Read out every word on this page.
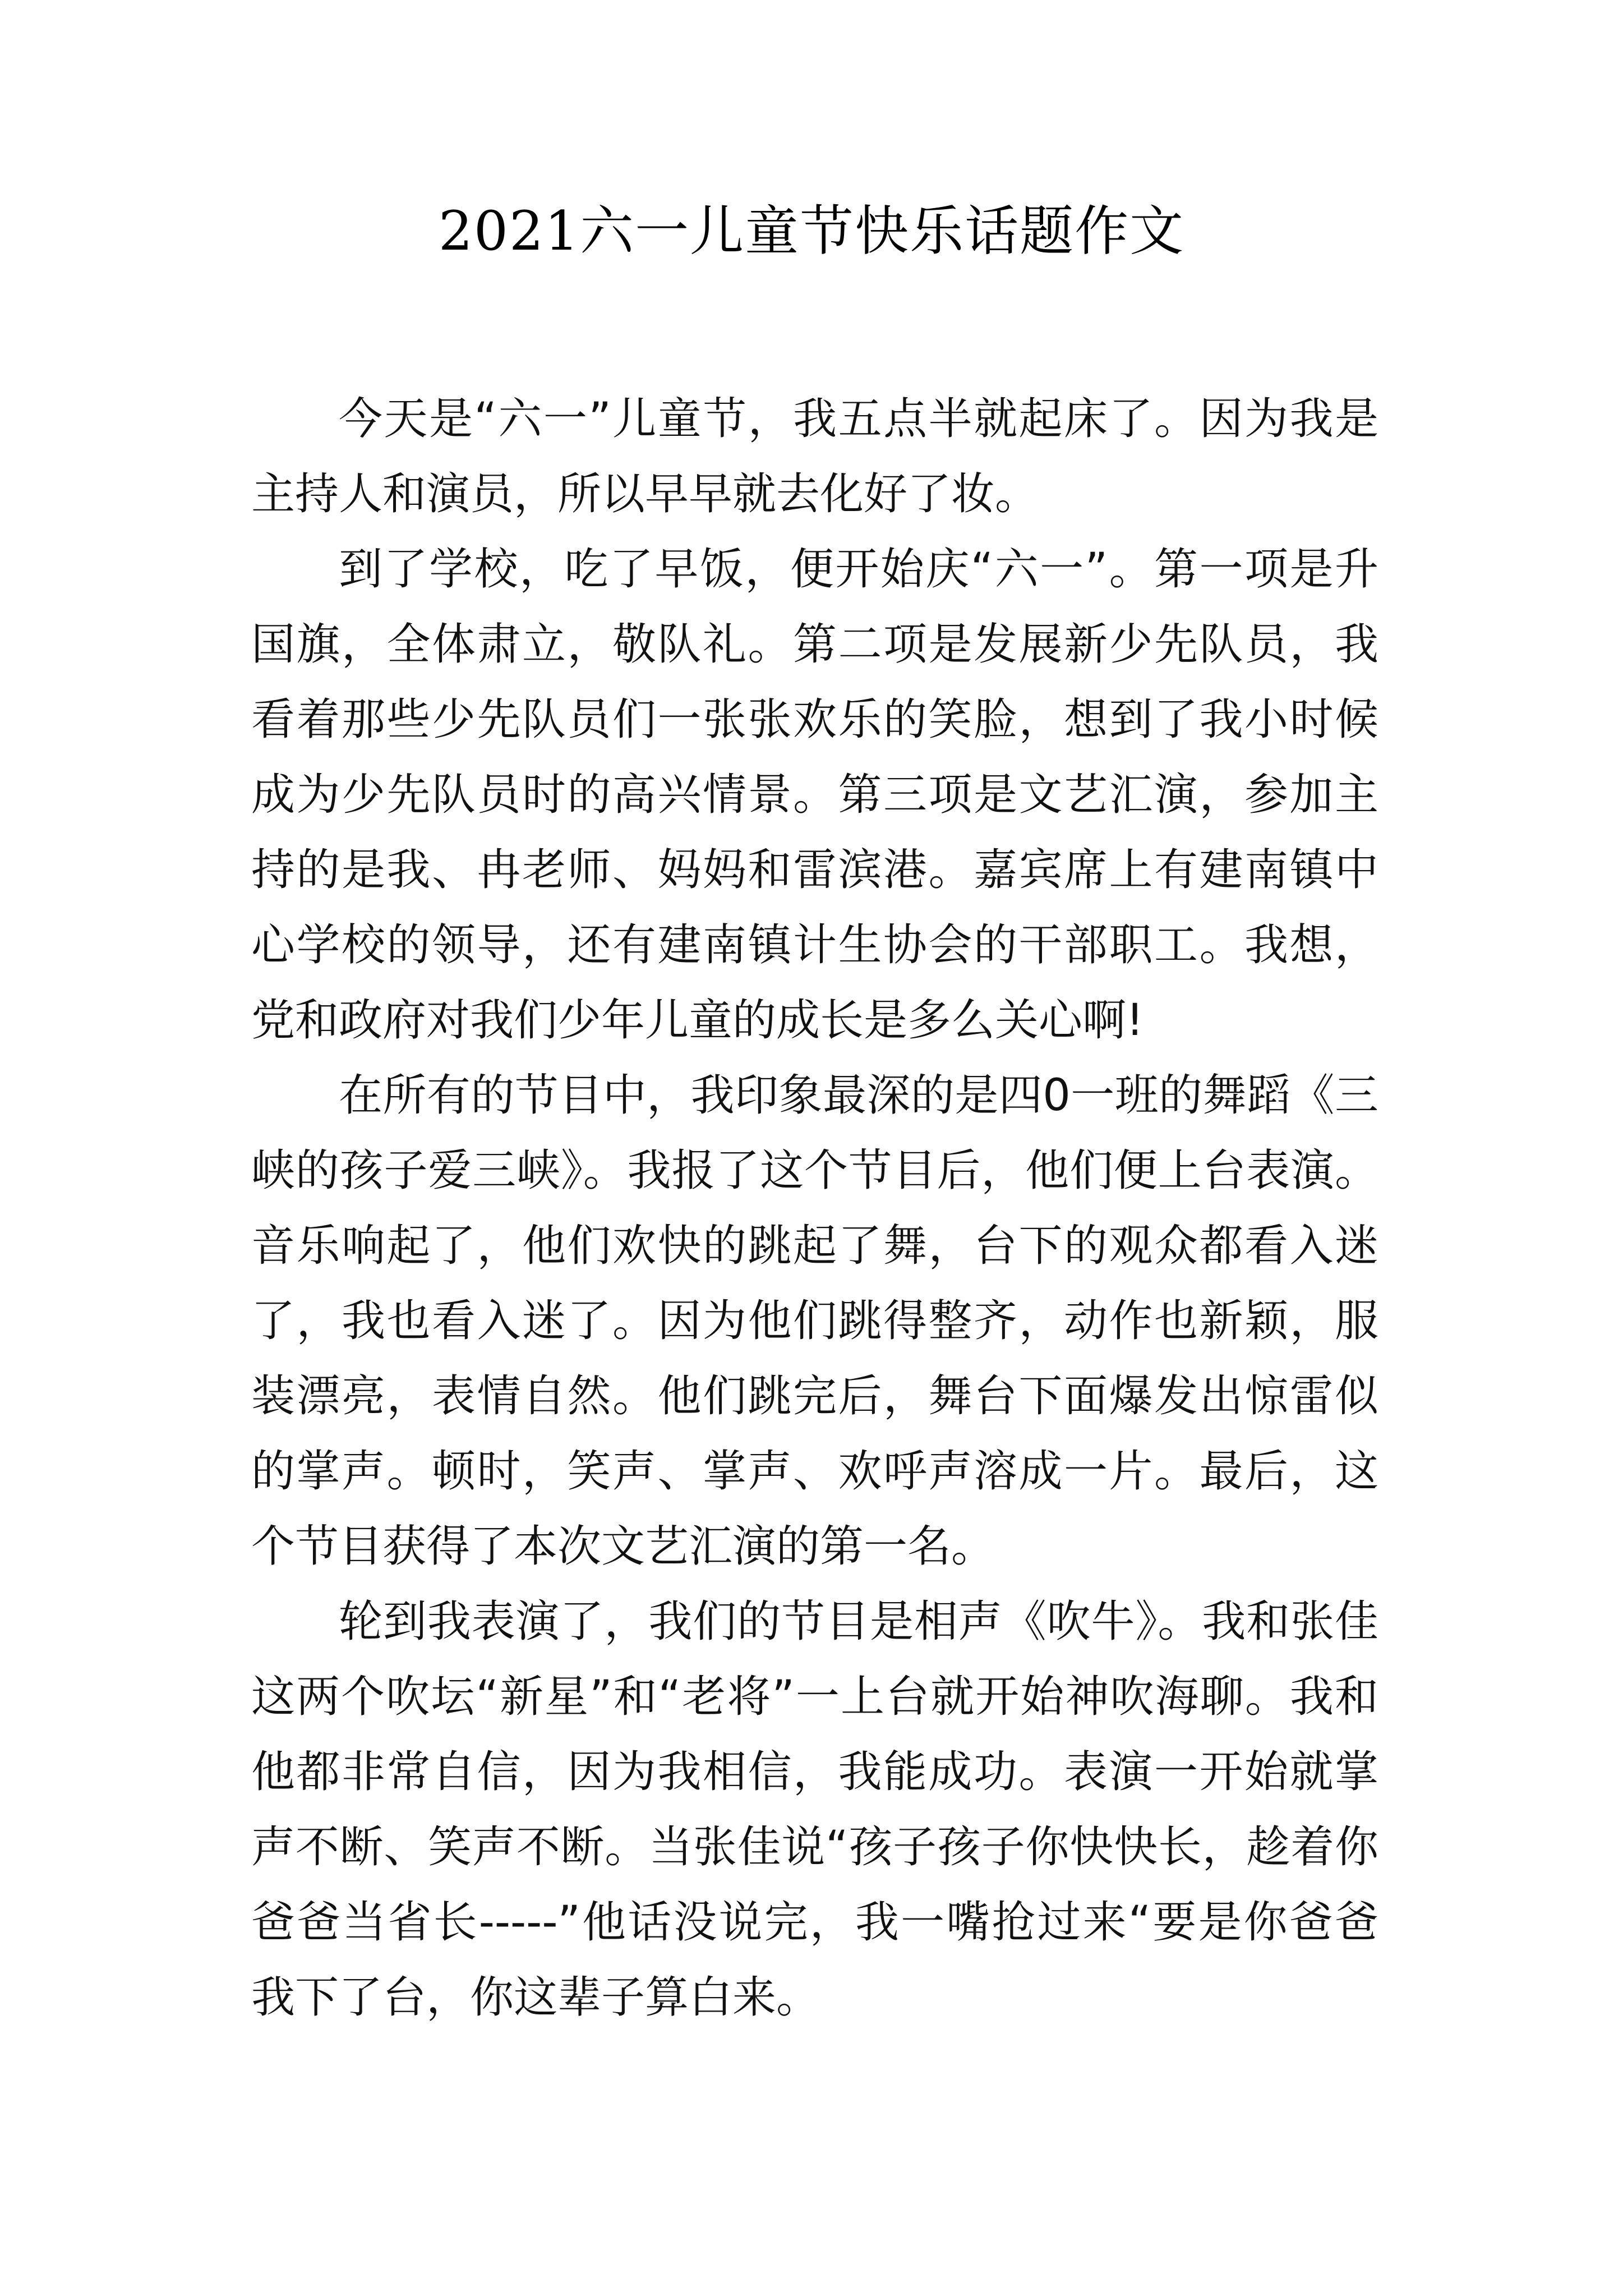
2021六一儿童节快乐话题作文

今天是“六一”儿童节，我五点半就起床了。因为我是主持人和演员，所以早早就去化好了妆。

到了学校，吃了早饭，便开始庆“六一”。第一项是升国旗，全体肃立，敬队礼。第二项是发展新少先队员，我看着那些少先队员们一张张欢乐的笑脸，想到了我小时候成为少先队员时的高兴情景。第三项是文艺汇演，参加主持的是我、冉老师、妈妈和雷滨港。嘉宾席上有建南镇中心学校的领导，还有建南镇计生协会的干部职工。我想，党和政府对我们少年儿童的成长是多么关心啊!

在所有的节目中，我印象最深的是四0一班的舞蹈《三峡的孩子爱三峡》。我报了这个节目后，他们便上台表演。音乐响起了，他们欢快的跳起了舞，台下的观众都看入迷了，我也看入迷了。因为他们跳得整齐，动作也新颖，服装漂亮，表情自然。他们跳完后，舞台下面爆发出惊雷似的掌声。顿时，笑声、掌声、欢呼声溶成一片。最后，这个节目获得了本次文艺汇演的第一名。

轮到我表演了，我们的节目是相声《吹牛》。我和张佳这两个吹坛“新星”和“老将”一上台就开始神吹海聊。我和他都非常自信，因为我相信，我能成功。表演一开始就掌声不断、笑声不断。当张佳说“孩子孩子你快快长，趁着你爸爸当省长-----”他话没说完，我一嘴抢过来“要是你爸爸我下了台，你这辈子算白来。
